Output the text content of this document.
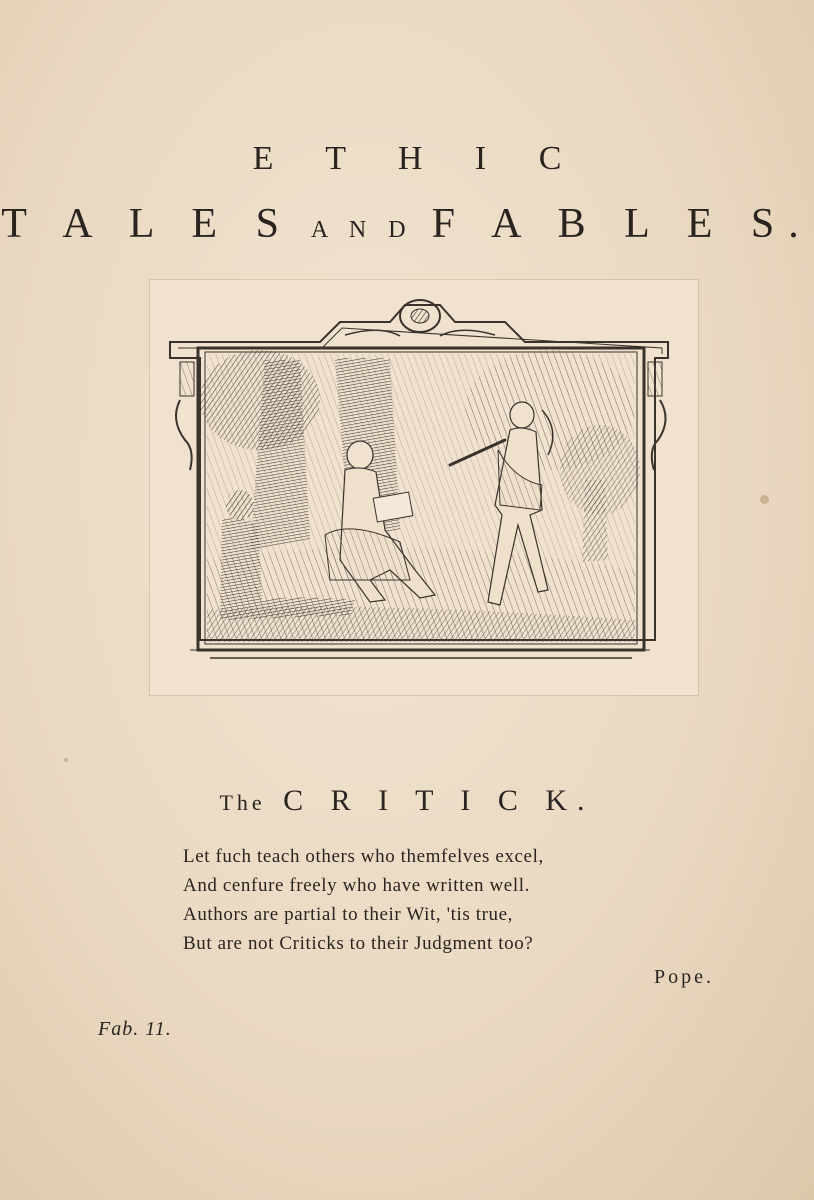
E T H I C
T A L E S A N D F A B L E S.
The C R I T I C K.
Let fuch teach others who themfelves excel,
And cenfure freely who have written well.
Authors are partial to their Wit, 'tis true,
But are not Criticks to their Judgment too?
Pope.
Fab. 11.
